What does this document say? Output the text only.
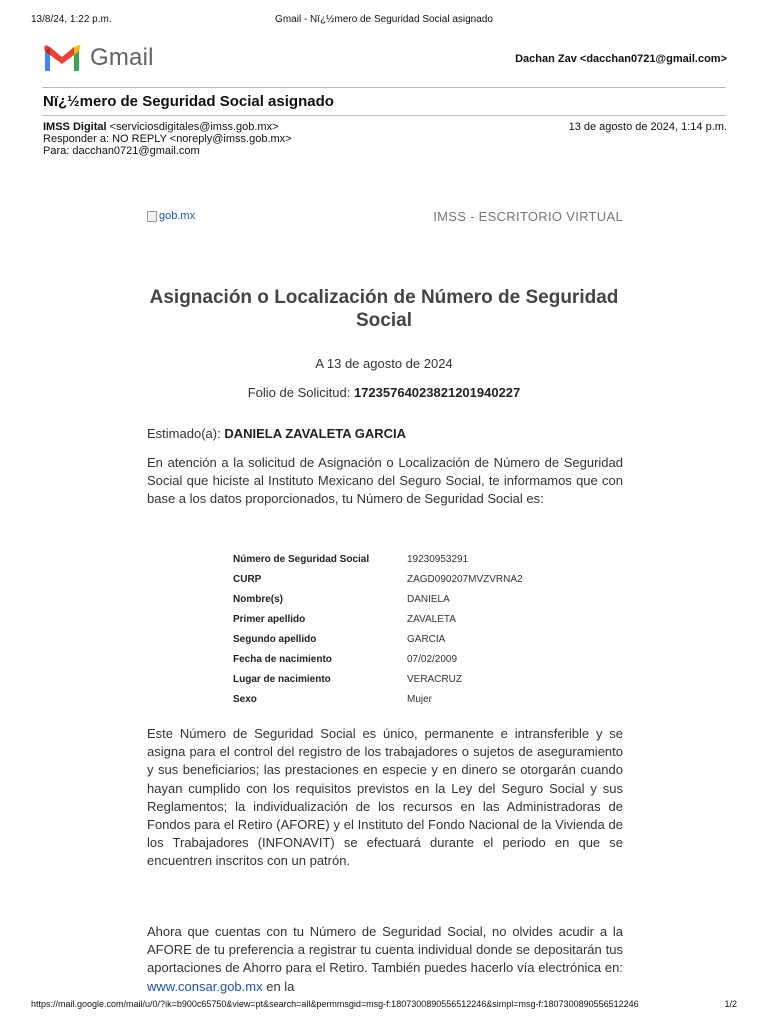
13/8/24, 1:22 p.m.	Gmail - Nï¿½mero de Seguridad Social asignado
Gmail	Dachan Zav <dacchan0721@gmail.com>
Nï¿½mero de Seguridad Social asignado
IMSS Digital <serviciosdigitales@imss.gob.mx>
Responder a: NO REPLY <noreply@imss.gob.mx>
Para: dacchan0721@gmail.com
13 de agosto de 2024, 1:14 p.m.
gob.mx	IMSS - ESCRITORIO VIRTUAL
Asignación o Localización de Número de Seguridad Social
A 13 de agosto de 2024
Folio de Solicitud: 17235764023821201940227
Estimado(a): DANIELA ZAVALETA GARCIA
En atención a la solicitud de Asignación o Localización de Número de Seguridad Social que hiciste al Instituto Mexicano del Seguro Social, te informamos que con base a los datos proporcionados, tu Número de Seguridad Social es:
Número de Seguridad Social	19230953291
CURP	ZAGD090207MVZVRNA2
Nombre(s)	DANIELA
Primer apellido	ZAVALETA
Segundo apellido	GARCIA
Fecha de nacimiento	07/02/2009
Lugar de nacimiento	VERACRUZ
Sexo	Mujer
Este Número de Seguridad Social es único, permanente e intransferible y se asigna para el control del registro de los trabajadores o sujetos de aseguramiento y sus beneficiarios; las prestaciones en especie y en dinero se otorgarán cuando hayan cumplido con los requisitos previstos en la Ley del Seguro Social y sus Reglamentos; la individualización de los recursos en las Administradoras de Fondos para el Retiro (AFORE) y el Instituto del Fondo Nacional de la Vivienda de los Trabajadores (INFONAVIT) se efectuará durante el periodo en que se encuentren inscritos con un patrón.
Ahora que cuentas con tu Número de Seguridad Social, no olvides acudir a la AFORE de tu preferencia a registrar tu cuenta individual donde se depositarán tus aportaciones de Ahorro para el Retiro. También puedes hacerlo vía electrónica en: www.consar.gob.mx en la
https://mail.google.com/mail/u/0/?ik=b900c65750&view=pt&search=all&permmsgid=msg-f:1807300890556512246&simpl=msg-f:1807300890556512246	1/2
